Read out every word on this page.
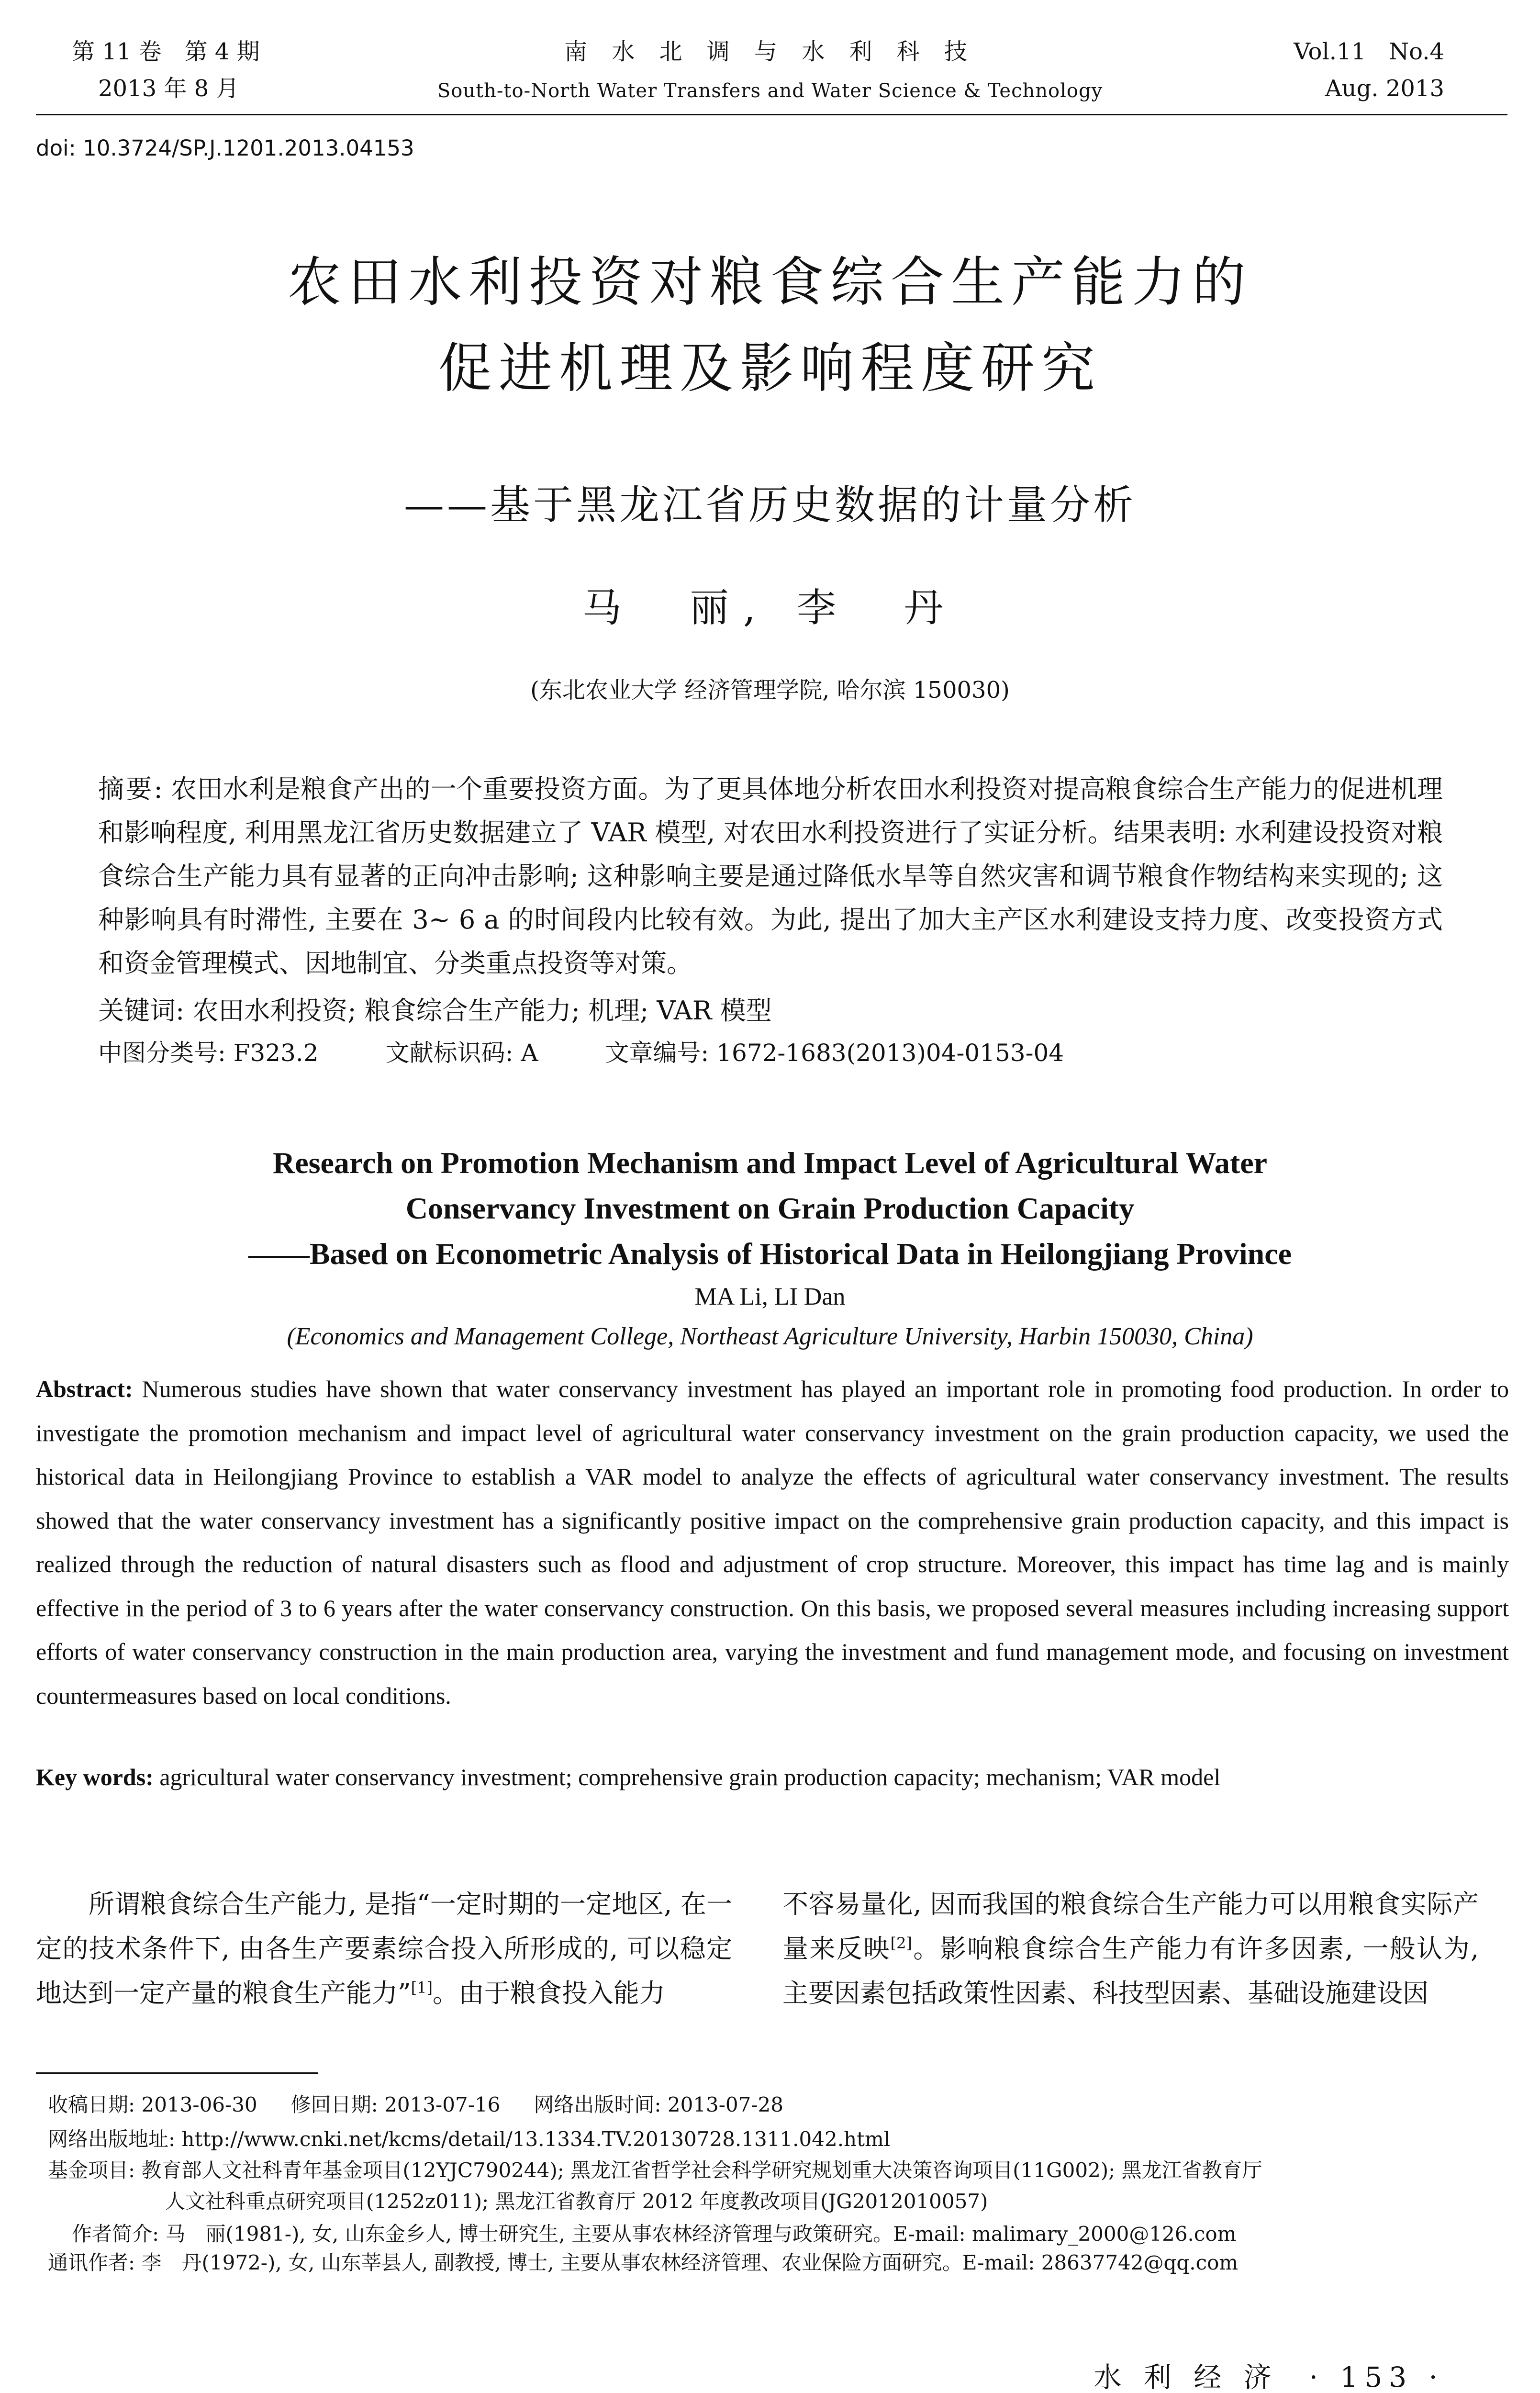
第 11 卷　第 4 期
2013 年 8 月
南 水 北 调 与 水 利 科 技
South-to-North Water Transfers and Water Science & Technology
Vol.11　No.4
Aug. 2013
doi: 10.3724/SP.J.1201.2013.04153
农田水利投资对粮食综合生产能力的
促进机理及影响程度研究
——基于黑龙江省历史数据的计量分析
马　丽, 李　丹
(东北农业大学 经济管理学院, 哈尔滨 150030)
摘要: 农田水利是粮食产出的一个重要投资方面。为了更具体地分析农田水利投资对提高粮食综合生产能力的促进机理和影响程度, 利用黑龙江省历史数据建立了 VAR 模型, 对农田水利投资进行了实证分析。结果表明: 水利建设投资对粮食综合生产能力具有显著的正向冲击影响; 这种影响主要是通过降低水旱等自然灾害和调节粮食作物结构来实现的; 这种影响具有时滞性, 主要在 3~ 6 a 的时间段内比较有效。为此, 提出了加大主产区水利建设支持力度、改变投资方式和资金管理模式、因地制宜、分类重点投资等对策。
关键词: 农田水利投资; 粮食综合生产能力; 机理; VAR 模型
中图分类号: F323.2	文献标识码: A	文章编号: 1672-1683(2013)04-0153-04
Research on Promotion Mechanism and Impact Level of Agricultural Water
Conservancy Investment on Grain Production Capacity
——Based on Econometric Analysis of Historical Data in Heilongjiang Province
MA Li, LI Dan
(Economics and Management College, Northeast Agriculture University, Harbin 150030, China)
Abstract: Numerous studies have shown that water conservancy investment has played an important role in promoting food production. In order to investigate the promotion mechanism and impact level of agricultural water conservancy investment on the grain production capacity, we used the historical data in Heilongjiang Province to establish a VAR model to analyze the effects of agricultural water conservancy investment. The results showed that the water conservancy investment has a significantly positive impact on the comprehensive grain production capacity, and this impact is realized through the reduction of natural disasters such as flood and adjustment of crop structure. Moreover, this impact has time lag and is mainly effective in the period of 3 to 6 years after the water conservancy construction. On this basis, we proposed several measures including increasing support efforts of water conservancy construction in the main production area, varying the investment and fund management mode, and focusing on investment countermeasures based on local conditions.
Key words: agricultural water conservancy investment; comprehensive grain production capacity; mechanism; VAR model
所谓粮食综合生产能力, 是指“一定时期的一定地区, 在一定的技术条件下, 由各生产要素综合投入所形成的, 可以稳定地达到一定产量的粮食生产能力”[1]。由于粮食投入能力
不容易量化, 因而我国的粮食综合生产能力可以用粮食实际产量来反映[2]。影响粮食综合生产能力有许多因素, 一般认为, 主要因素包括政策性因素、科技型因素、基础设施建设因
收稿日期: 2013-06-30 修回日期: 2013-07-16 网络出版时间: 2013-07-28
网络出版地址: http://www.cnki.net/kcms/detail/13.1334.TV.20130728.1311.042.html
基金项目: 教育部人文社科青年基金项目(12YJC790244); 黑龙江省哲学社会科学研究规划重大决策咨询项目(11G002); 黑龙江省教育厅
人文社科重点研究项目(1252z011); 黑龙江省教育厅 2012 年度教改项目(JG2012010057)
作者简介: 马　丽(1981-), 女, 山东金乡人, 博士研究生, 主要从事农林经济管理与政策研究。E-mail: malimary_2000@126.com
通讯作者: 李　丹(1972-), 女, 山东莘县人, 副教授, 博士, 主要从事农林经济管理、农业保险方面研究。E-mail: 28637742@qq.com
水 利 经 济 · 153 ·
